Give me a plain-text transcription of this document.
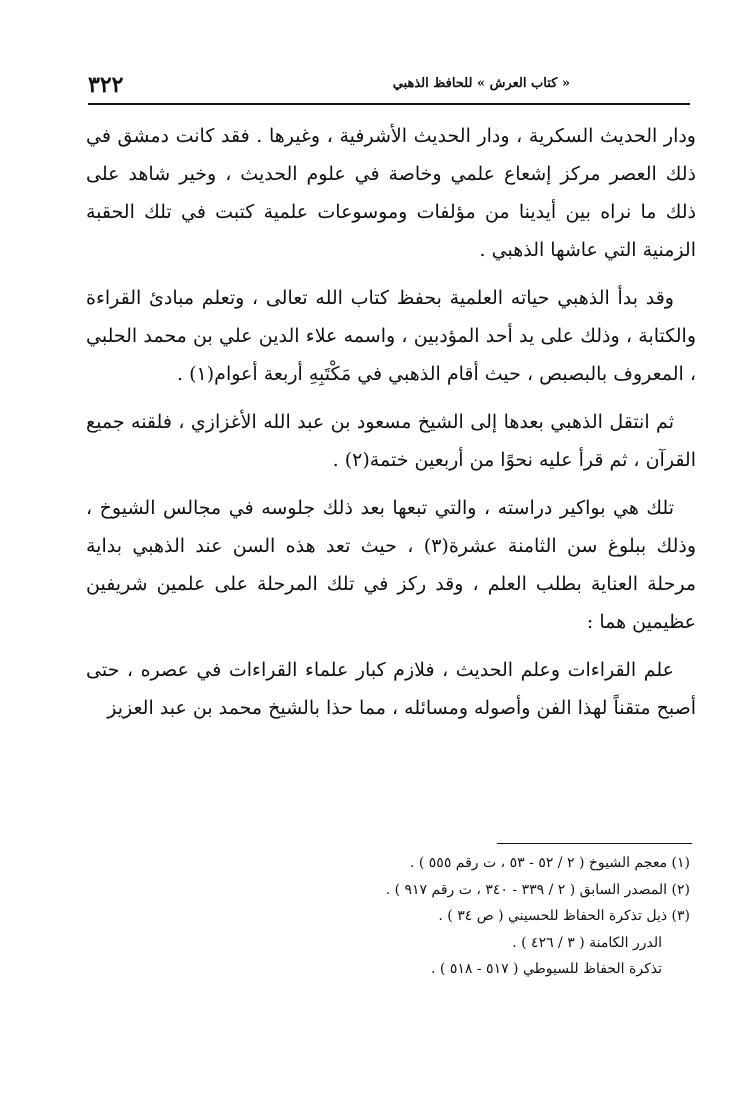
« كتاب العرش » للحافظ الذهبي
٣٢٢

ودار الحديث السكرية ، ودار الحديث الأشرفية ، وغيرها . فقد كانت دمشق في ذلك العصر مركز إشعاع علمي وخاصة في علوم الحديث ، وخير شاهد على ذلك ما نراه بين أيدينا من مؤلفات وموسوعات علمية كتبت في تلك الحقبة الزمنية التي عاشها الذهبي .

وقد بدأ الذهبي حياته العلمية بحفظ كتاب الله تعالى ، وتعلم مبادئ القراءة والكتابة ، وذلك على يد أحد المؤدبين ، واسمه علاء الدين علي بن محمد الحلبي ، المعروف بالبصبص ، حيث أقام الذهبي في مَكْتَبِهِ أربعة أعوام(١) .

ثم انتقل الذهبي بعدها إلى الشيخ مسعود بن عبد الله الأغزازي ، فلقنه جميع القرآن ، ثم قرأ عليه نحوًا من أربعين ختمة(٢) .

تلك هي بواكير دراسته ، والتي تبعها بعد ذلك جلوسه في مجالس الشيوخ ، وذلك ببلوغ سن الثامنة عشرة(٣) ، حيث تعد هذه السن عند الذهبي بداية مرحلة العناية بطلب العلم ، وقد ركز في تلك المرحلة على علمين شريفين عظيمين هما :

علم القراءات وعلم الحديث ، فلازم كبار علماء القراءات في عصره ، حتى أصبح متقناً لهذا الفن وأصوله ومسائله ، مما حذا بالشيخ محمد بن عبد العزيز

(١) معجم الشيوخ ( ٢ / ٥٢ - ٥٣ ، ت رقم ٥٥٥ ) .

(٢) المصدر السابق ( ٢ / ٣٣٩ - ٣٤٠ ، ت رقم ٩١٧ ) .

(٣) ذيل تذكرة الحفاظ للحسيني ( ص ٣٤ ) .

الدرر الكامنة ( ٣ / ٤٢٦ ) .

تذكرة الحفاظ للسيوطي ( ٥١٧ - ٥١٨ ) .
